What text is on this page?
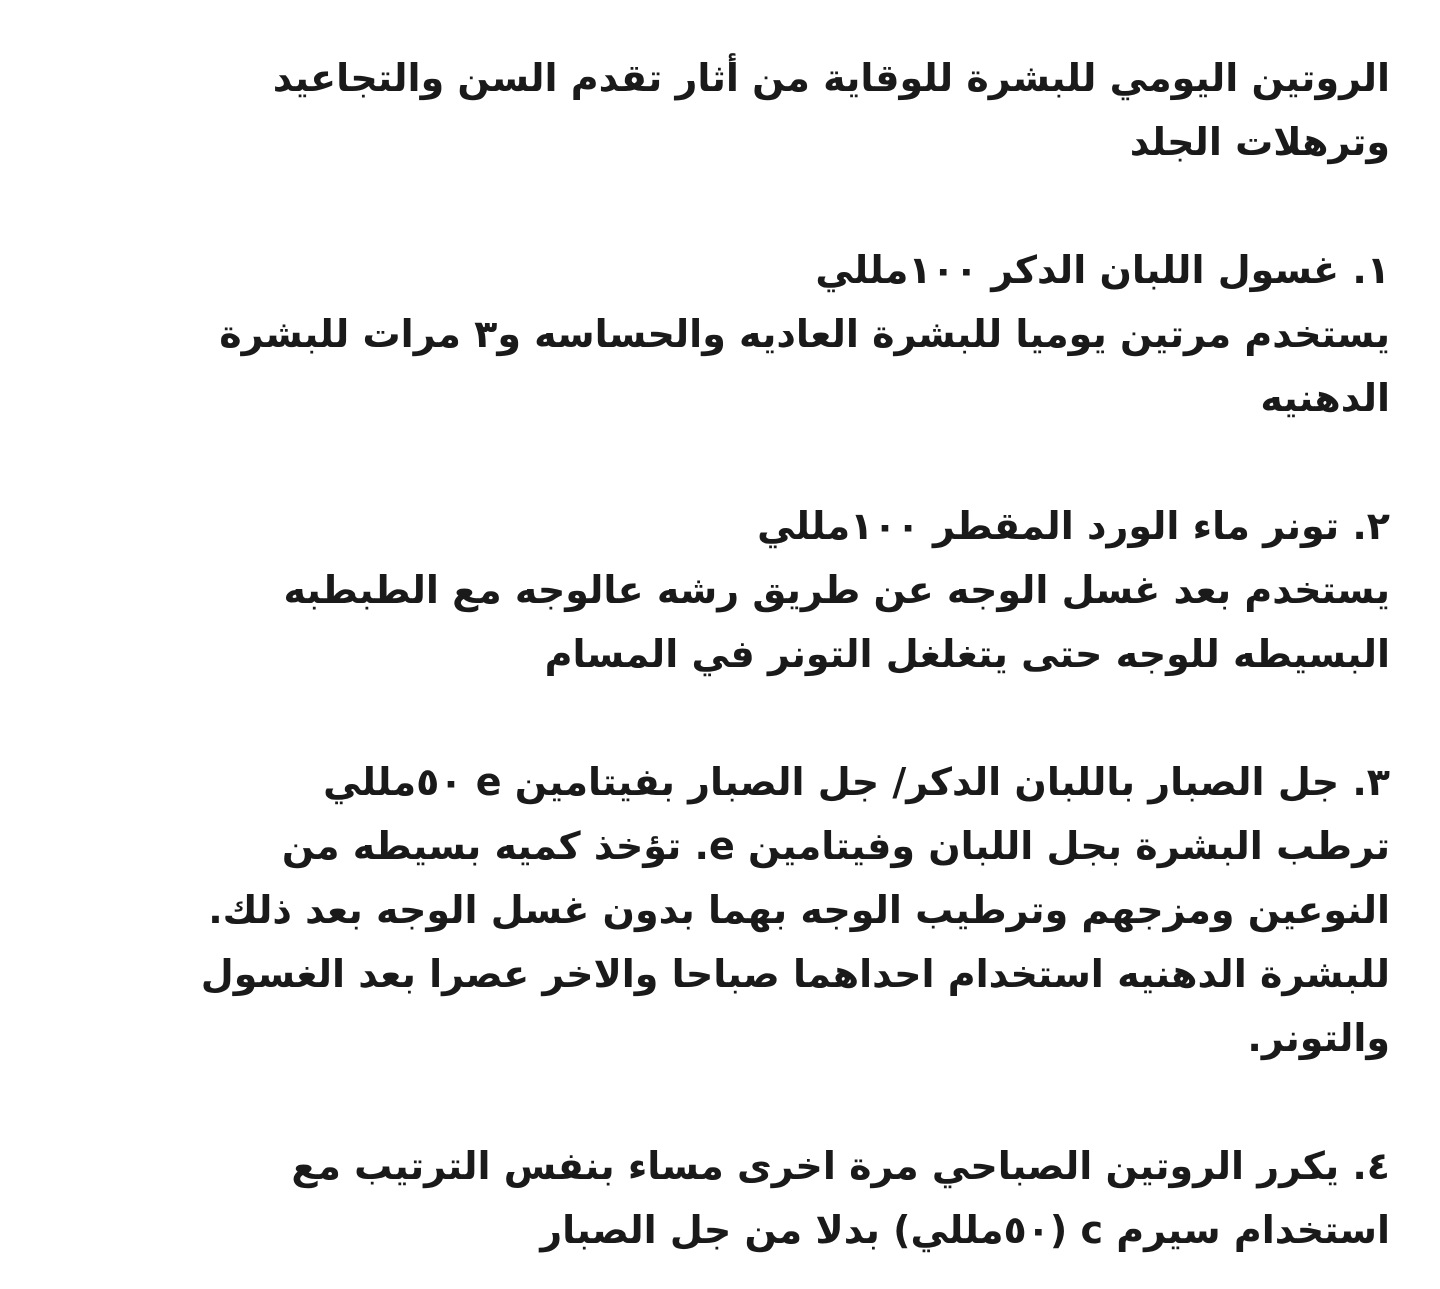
الروتين اليومي للبشرة للوقاية من أثار تقدم السن والتجاعيد
وترهلات الجلد
١. غسول اللبان الدكر ١٠٠مللي
يستخدم مرتين يوميا للبشرة العاديه والحساسه و٣ مرات للبشرة
الدهنيه
٢. تونر ماء الورد المقطر ١٠٠مللي
يستخدم بعد غسل الوجه عن طريق رشه عالوجه مع الطبطبه
البسيطه للوجه حتى يتغلغل التونر في المسام
٣. جل الصبار باللبان الدكر/ جل الصبار بفيتامين e ٥٠مللي
ترطب البشرة بجل اللبان وفيتامين e. تؤخذ كميه بسيطه من
النوعين ومزجهم وترطيب الوجه بهما بدون غسل الوجه بعد ذلك.
للبشرة الدهنيه استخدام احداهما صباحا والاخر عصرا بعد الغسول
والتونر.
٤. يكرر الروتين الصباحي مرة اخرى مساء بنفس الترتيب مع
استخدام سيرم c (٥٠مللي) بدلا من جل الصبار
